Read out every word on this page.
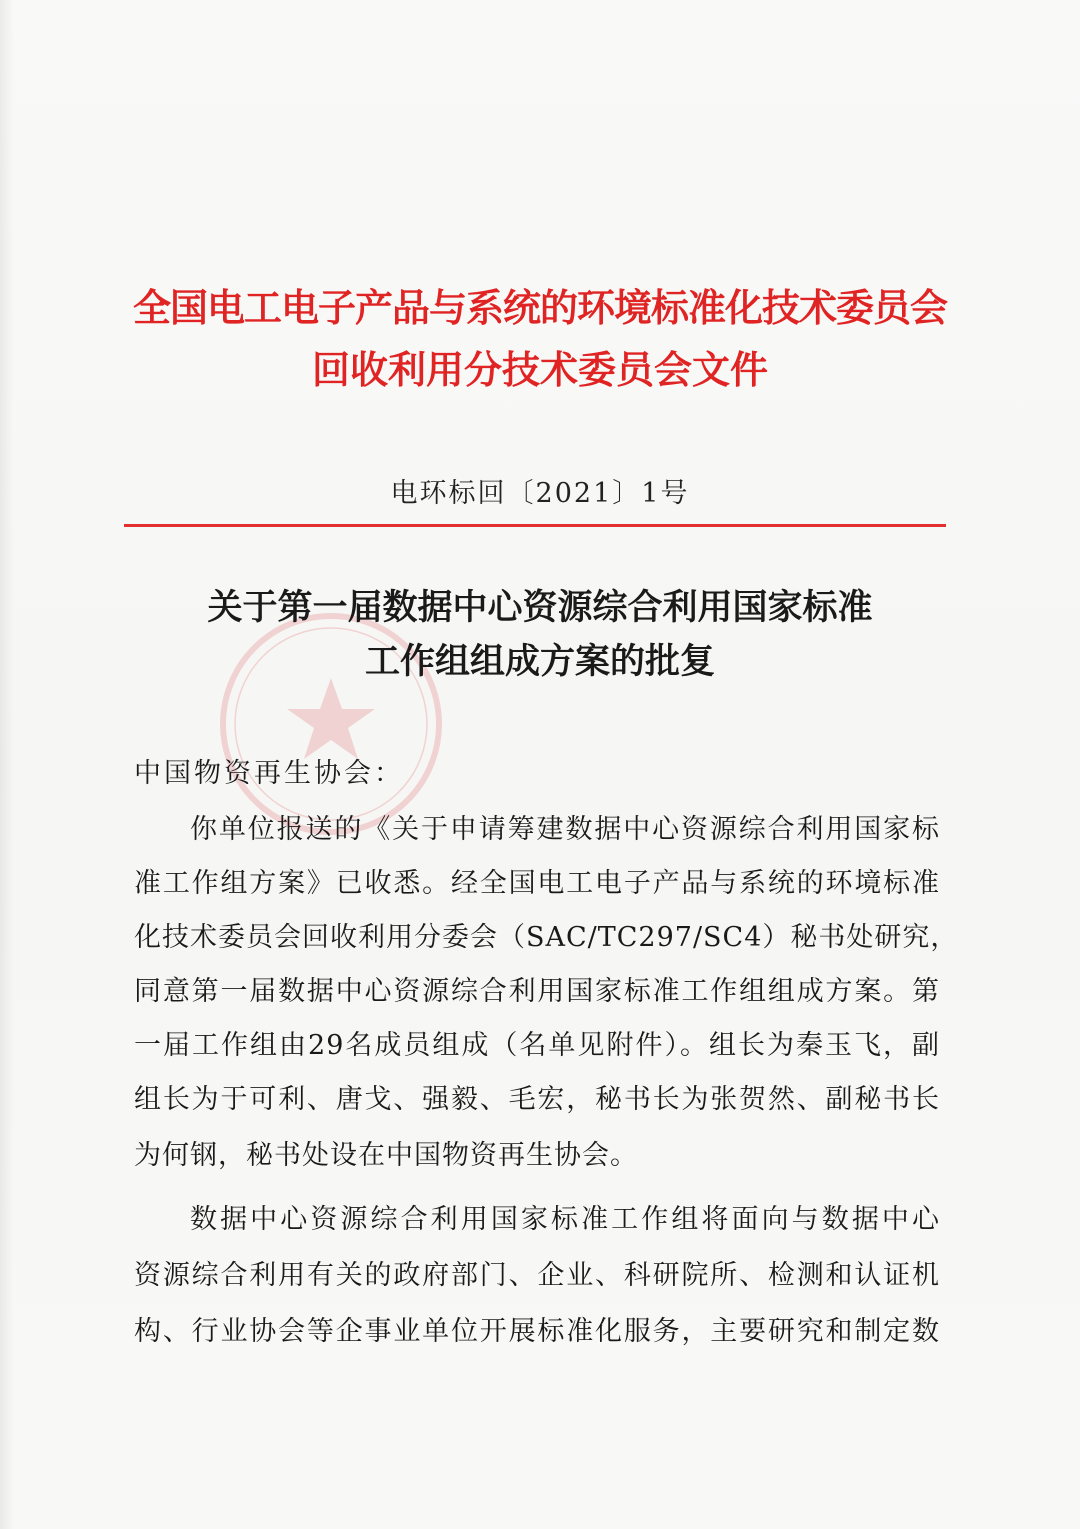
全国电工电子产品与系统的环境标准化技术委员会
回收利用分技术委员会文件
电环标回〔2021〕1号
关于第一届数据中心资源综合利用国家标准
工作组组成方案的批复
中国物资再生协会：
你单位报送的《关于申请筹建数据中心资源综合利用国家标
准工作组方案》已收悉。经全国电工电子产品与系统的环境标准
化技术委员会回收利用分委会（SAC/TC297/SC4）秘书处研究，
同意第一届数据中心资源综合利用国家标准工作组组成方案。第
一届工作组由29名成员组成（名单见附件）。组长为秦玉飞，副
组长为于可利、唐戈、强毅、毛宏，秘书长为张贺然、副秘书长
为何钢，秘书处设在中国物资再生协会。
数据中心资源综合利用国家标准工作组将面向与数据中心
资源综合利用有关的政府部门、企业、科研院所、检测和认证机
构、行业协会等企事业单位开展标准化服务，主要研究和制定数
